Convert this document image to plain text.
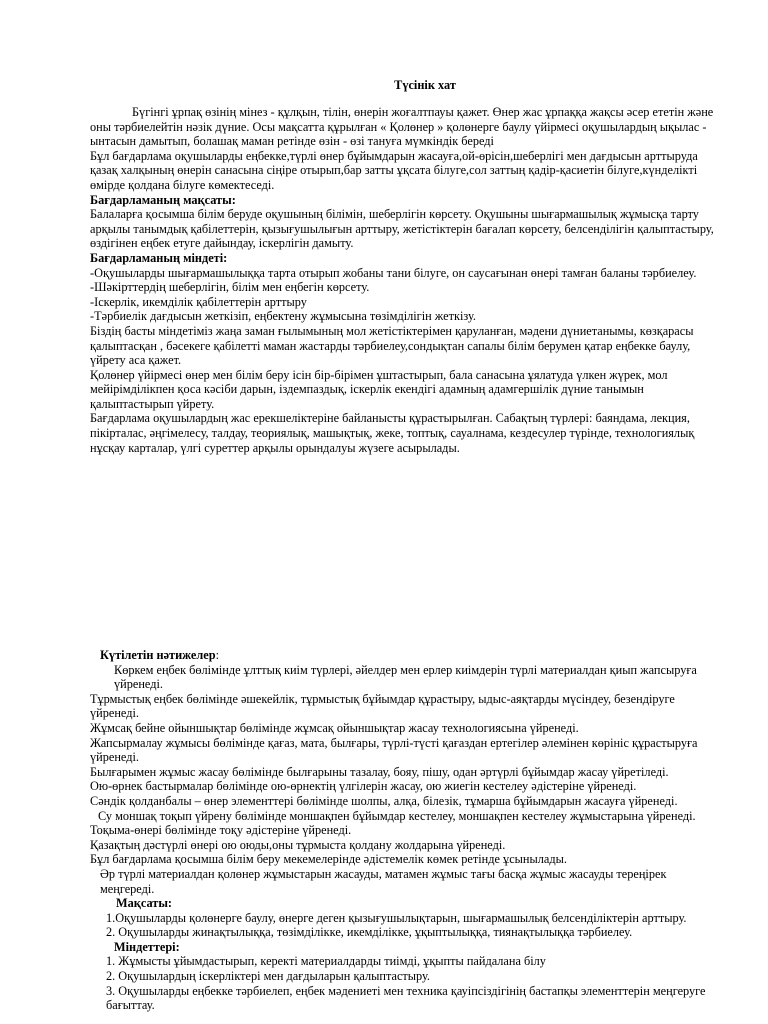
Түсінік хат

Бүгінгі ұрпақ өзінің мінез - құлқын, тілін, өнерін жоғалтпауы қажет. Өнер жас ұрпаққа жақсы әсер ететін және оны тәрбиелейтін нәзік дүние. Осы мақсатта құрылған « Қолөнер » қолөнерге баулу үйірмесі оқушылардың ықылас - ынтасын дамытып, болашақ маман ретінде өзін - өзі тануға мүмкіндік береді

Бұл бағдарлама оқушыларды еңбекке,түрлі өнер бұйымдарын жасауға,ой-өрісін,шеберлігі мен дағдысын арттыруда қазақ халқының өнерін санасына сіңіре отырып,бар затты ұқсата білуге,сол заттың қадір-қасиетін білуге,күнделікті өмірде қолдана білуге көмектеседі.

Бағдарламаның мақсаты:

Балаларға қосымша білім беруде оқушының білімін, шеберлігін көрсету. Оқушыны шығармашылық жұмысқа тарту арқылы танымдық қабілеттерін, қызығушылығын арттыру, жетістіктерін бағалап көрсету, белсенділігін қалыптастыру, өздігінен еңбек етуге дайындау, іскерлігін дамыту.

Бағдарламаның міндеті:

-Оқушыларды шығармашылыққа тарта отырып жобаны тани білуге, он саусағынан өнері тамған баланы тәрбиелеу.

-Шәкірттердің шеберлігін, білім мен еңбегін көрсету.

-Іскерлік, икемділік қабілеттерін арттыру

-Тәрбиелік дағдысын жеткізіп, еңбектену жұмысына төзімділігін жеткізу.

Біздің басты міндетіміз жаңа заман ғылымының мол жетістіктерімен қаруланған, мәдени дүниетанымы, көзқарасы қалыптасқан , бәсекеге қабілетті маман жастарды тәрбиелеу,сондықтан сапалы білім берумен қатар еңбекке баулу, үйрету аса қажет.

Қолөнер үйірмесі өнер мен білім беру ісін бір-бірімен ұштастырып, бала санасына ұялатуда үлкен жүрек, мол мейірімділікпен қоса кәсіби дарын, іздемпаздық, іскерлік екендігі адамның адамгершілік дүние танымын қалыптастырып үйрету.

Бағдарлама оқушылардың жас ерекшеліктеріне байланысты құрастырылған. Сабақтың түрлері: баяндама, лекция, пікірталас, әңгімелесу, талдау, теориялық, машықтық, жеке, топтық, сауалнама, кездесулер түрінде, технологиялық нұсқау карталар, үлгі суреттер арқылы орындалуы жүзеге асырылады.

Күтілетін нәтижелер:

Көркем еңбек бөлімінде ұлттық киім түрлері, әйелдер мен ерлер киімдерін түрлі материалдан қиып жапсыруға үйренеді.

Тұрмыстық еңбек бөлімінде әшекейлік, тұрмыстық бұйымдар құрастыру, ыдыс-аяқтарды мүсіндеу, безендіруге үйренеді.

Жұмсақ бейне ойыншықтар бөлімінде жұмсақ ойыншықтар жасау технологиясына үйренеді.

Жапсырмалау жұмысы бөлімінде қағаз, мата, былғары, түрлі-түсті қағаздан ертегілер әлемінен көрініс құрастыруға үйренеді.

Былғарымен жұмыс жасау бөлімінде былғарыны тазалау, бояу, пішу, одан әртүрлі бұйымдар жасау үйретіледі.

Ою-өрнек бастырмалар бөлімінде ою-өрнектің үлгілерін жасау, ою жиегін кестелеу әдістеріне үйренеді.

Сәндік қолданбалы – өнер элементтері бөлімінде шолпы, алқа, білезік, тұмарша бұйымдарын жасауға үйренеді.

Су моншақ тоқып үйрену бөлімінде моншақпен бұйымдар кестелеу, моншақпен кестелеу жұмыстарына үйренеді.

Тоқыма-өнері бөлімінде тоқу әдістеріне үйренеді.

Қазақтың дәстүрлі өнері ою оюды,оны тұрмыста қолдану жолдарына үйренеді.

Бұл бағдарлама қосымша білім беру мекемелерінде әдістемелік көмек ретінде ұсынылады.

Әр түрлі материалдан қолөнер жұмыстарын жасауды, матамен жұмыс тағы басқа жұмыс жасауды тереңірек меңгереді.

Мақсаты:

1.Оқушыларды қолөнерге баулу, өнерге деген қызығушылықтарын, шығармашылық белсенділіктерін арттыру.

2. Оқушыларды жинақтылыққа, төзімділікке, икемділікке, ұқыптылыққа, тиянақтылыққа тәрбиелеу.

Міндеттері:

1. Жұмысты ұйымдастырып, керекті материалдарды тиімді, ұқыпты пайдалана білу

2. Оқушылардың іскерліктері мен дағдыларын қалыптастыру.

3. Оқушыларды еңбекке тәрбиелеп, еңбек мәдениеті мен техника қауіпсіздігінің бастапқы элементтерін меңгеруге бағыттау.
